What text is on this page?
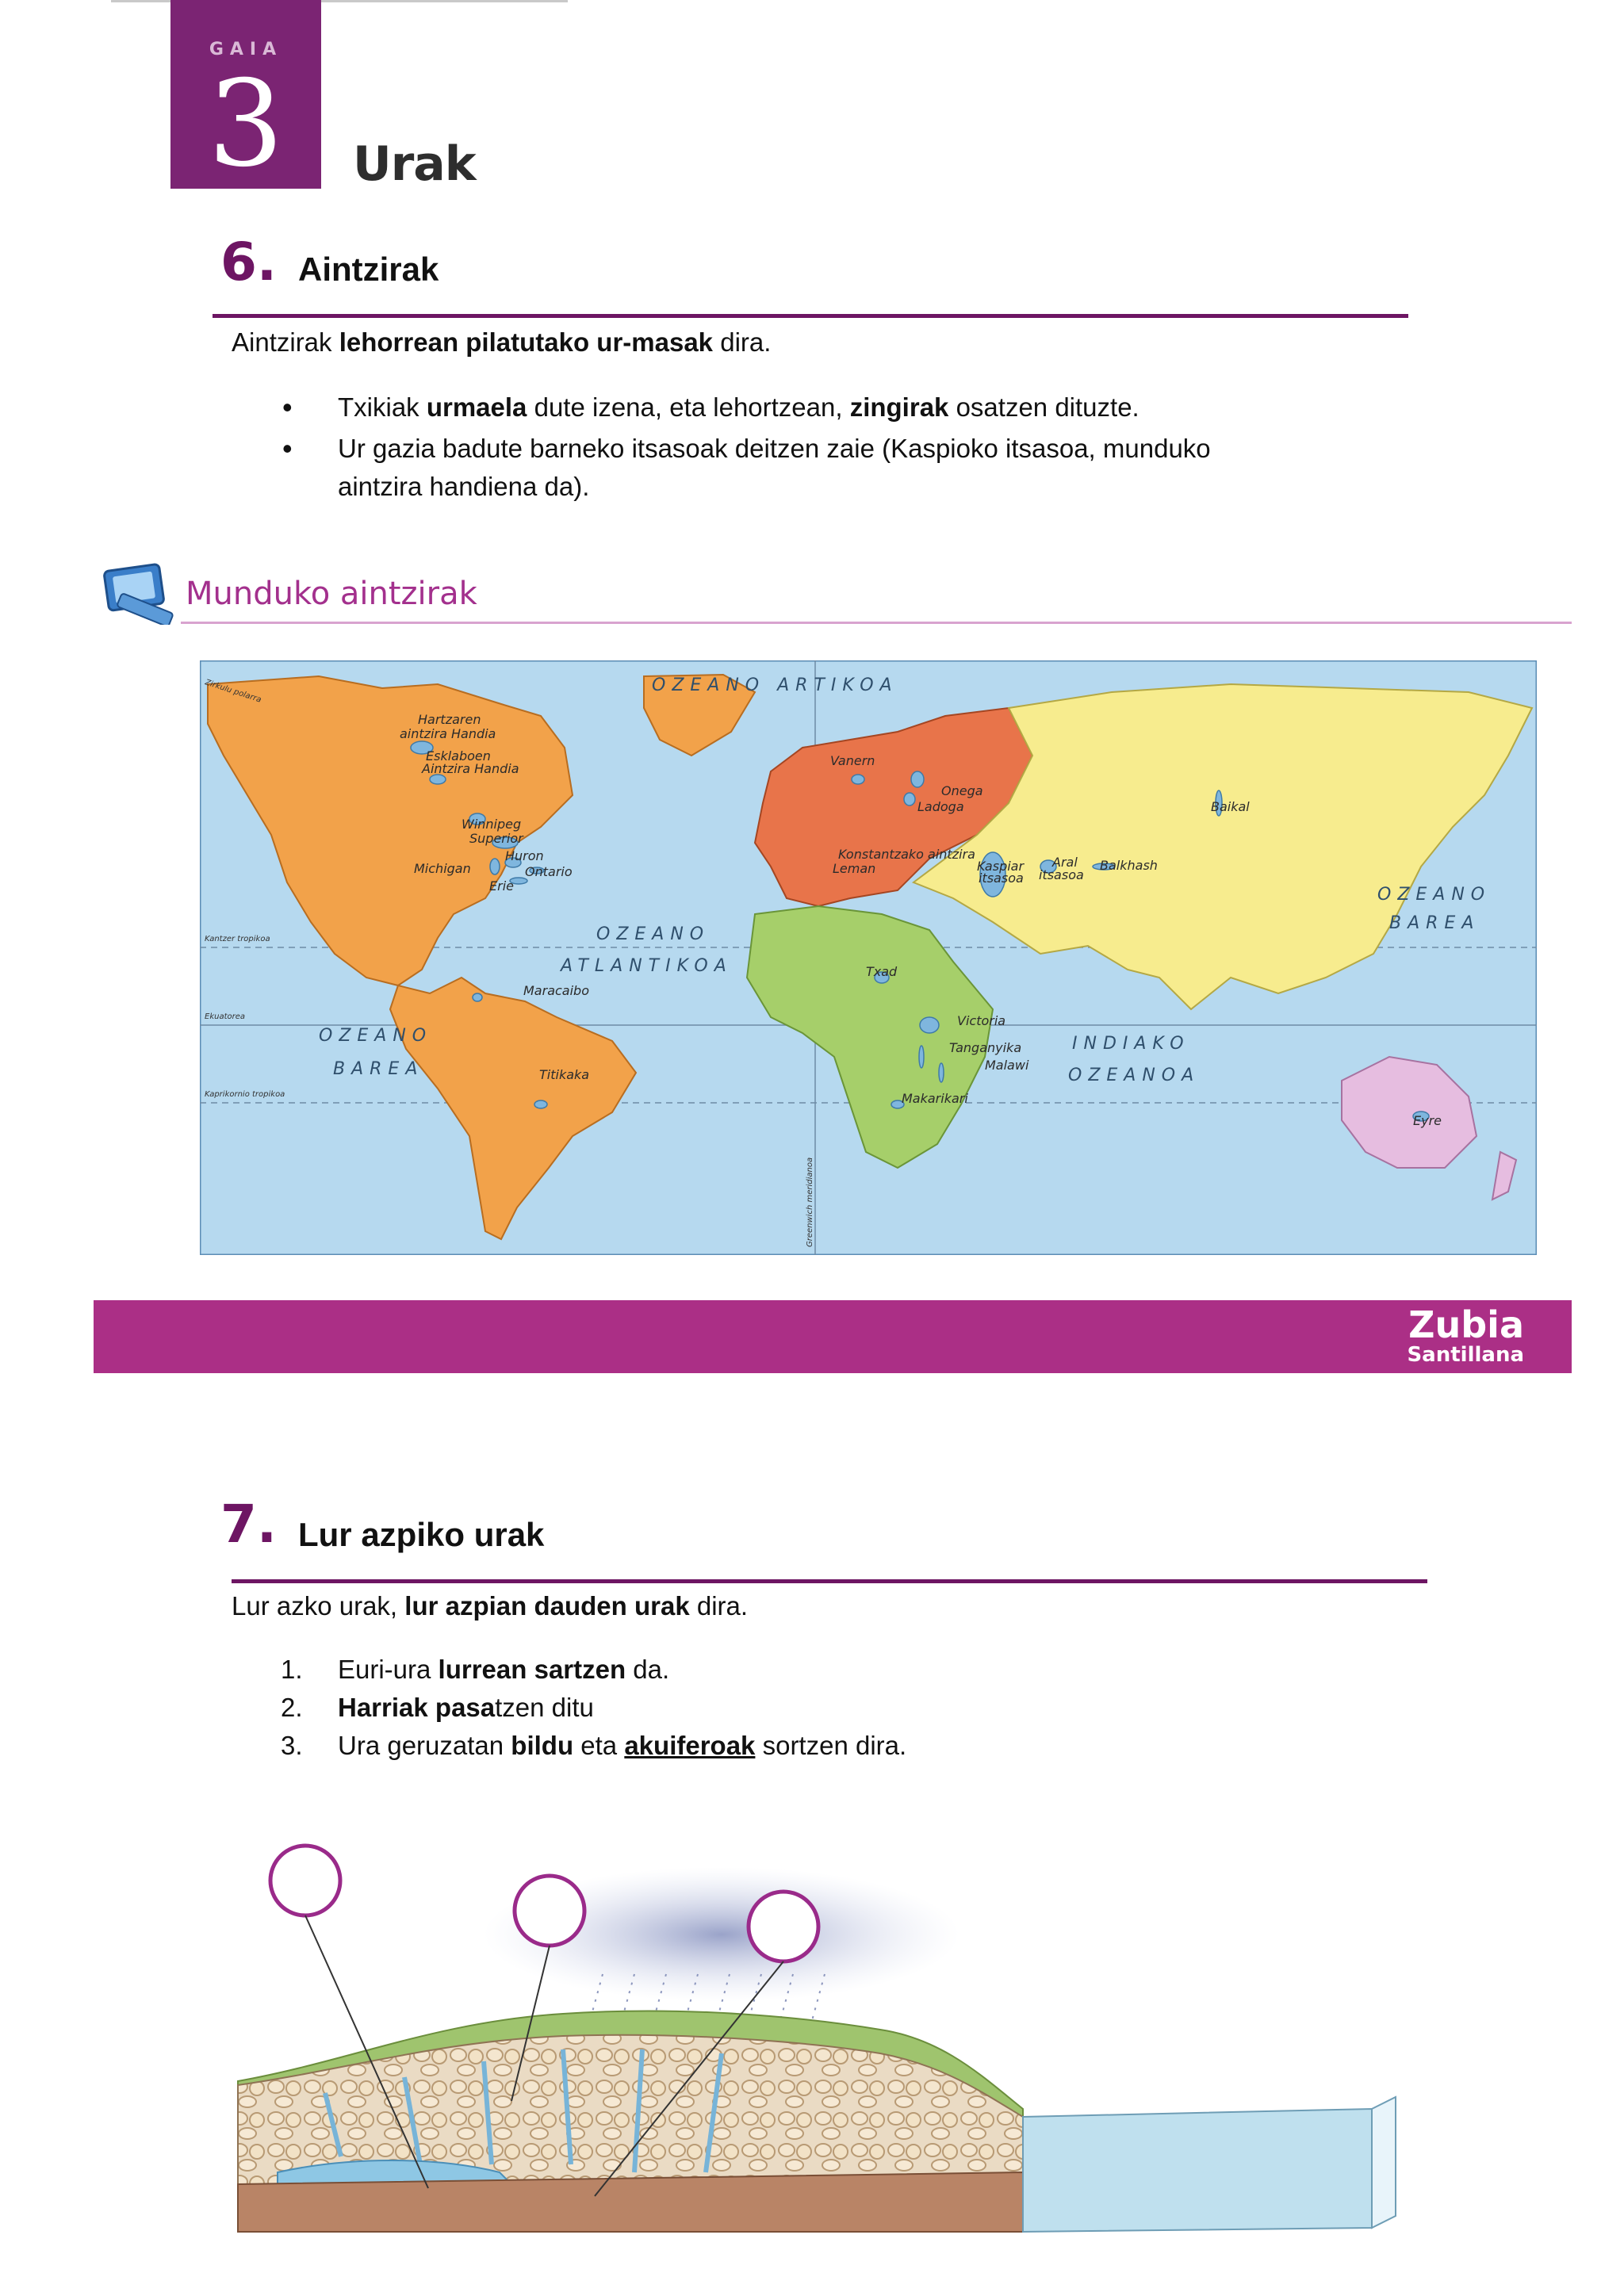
GAIA
3	Urak
6. Aintzirak

Aintzirak lehorrean pilatutako ur-masak dira.

• Txikiak urmaela dute izena, eta lehortzean, zingirak osatzen dituzte.
• Ur gazia badute barneko itsasoak deitzen zaie (Kaspioko itsasoa, munduko aintzira handiena da).
Munduko aintzirak
OZEANO ARTIKOA
OZEANO
ATLANTIKOA
OZEANO
BAREA
OZEANO
BAREA
INDIAKO
OZEANOA
Zirkulu polarra
Kantzer tropikoa
Ekuatorea
Kaprikornio tropikoa
Greenwich meridianoa
Hartzaren
aintzira Handia
Esklaboen
Aintzira Handia
Winnipeg
Superior
Huron
Michigan	Ontario
Erie
Maracaibo
Titikaka
Vanern
Onega
Ladoga
Konstantzako aintzira
Leman	Kaspiar
itsasoa
Aral
itsasoa
Balkhash
Baikal
Txad
Victoria
Tanganyika
Malawi
Makarikari
Eyre
Zubia
Santillana
7. Lur azpiko urak

Lur azko urak, lur azpian dauden urak dira.

1. Euri-ura lurrean sartzen da.
2. Harriak pasatzen ditu
3. Ura geruzatan bildu eta akuiferoak sortzen dira.
